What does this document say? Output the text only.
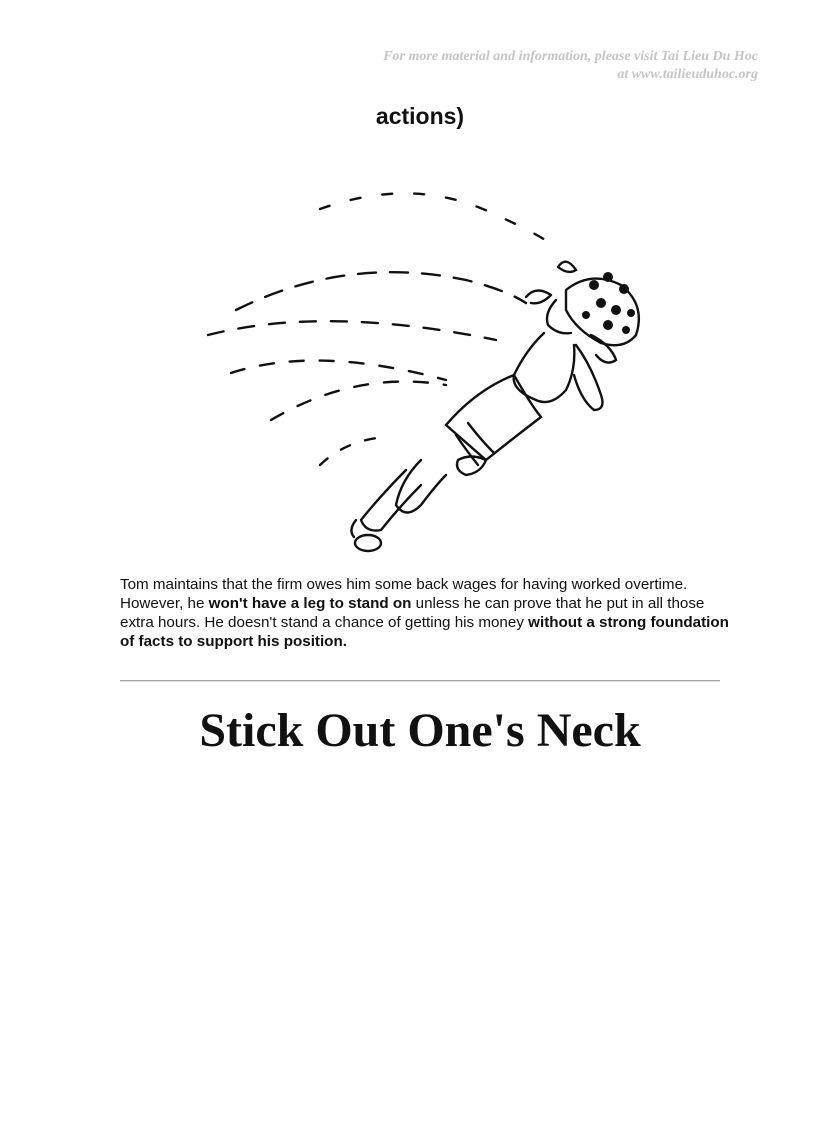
For more material and information, please visit Tai Lieu Du Hoc
at www.tailieuduhoc.org
actions)
Tom maintains that the firm owes him some back wages for having worked overtime. However, he won't have a leg to stand on unless he can prove that he put in all those extra hours. He doesn't stand a chance of getting his money without a strong foundation of facts to support his position.
Stick Out One's Neck
